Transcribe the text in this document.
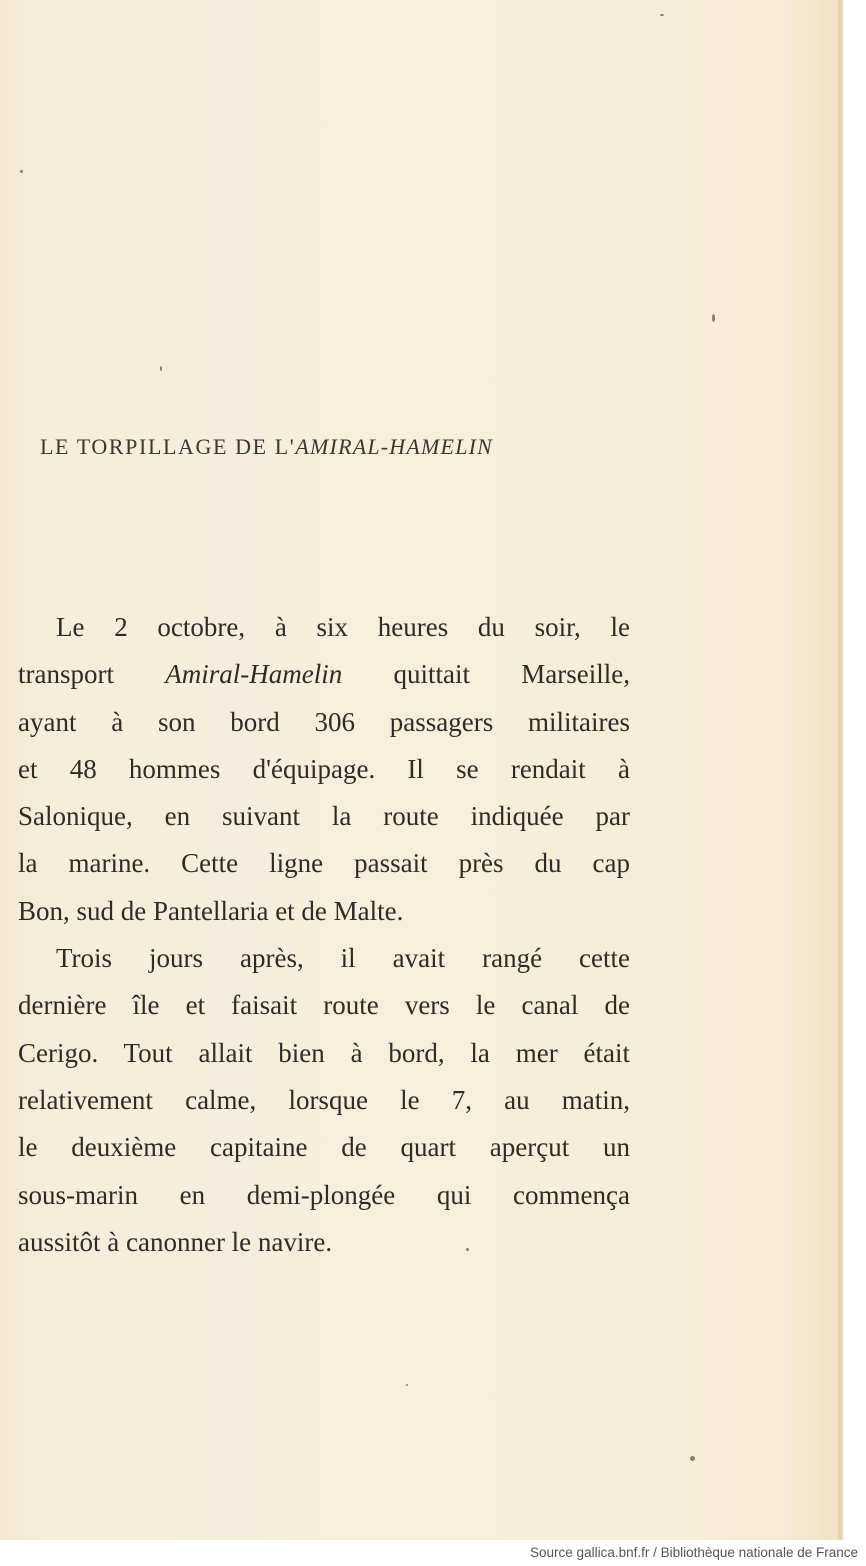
LE TORPILLAGE DE L'AMIRAL-HAMELIN
Le 2 octobre, à six heures du soir, le
transport Amiral-Hamelin quittait Marseille,
ayant à son bord 306 passagers militaires
et 48 hommes d'équipage. Il se rendait à
Salonique, en suivant la route indiquée par
la marine. Cette ligne passait près du cap
Bon, sud de Pantellaria et de Malte.
Trois jours après, il avait rangé cette
dernière île et faisait route vers le canal de
Cerigo. Tout allait bien à bord, la mer était
relativement calme, lorsque le 7, au matin,
le deuxième capitaine de quart aperçut un
sous-marin en demi-plongée qui commença
aussitôt à canonner le navire.
Source gallica.bnf.fr / Bibliothèque nationale de France
